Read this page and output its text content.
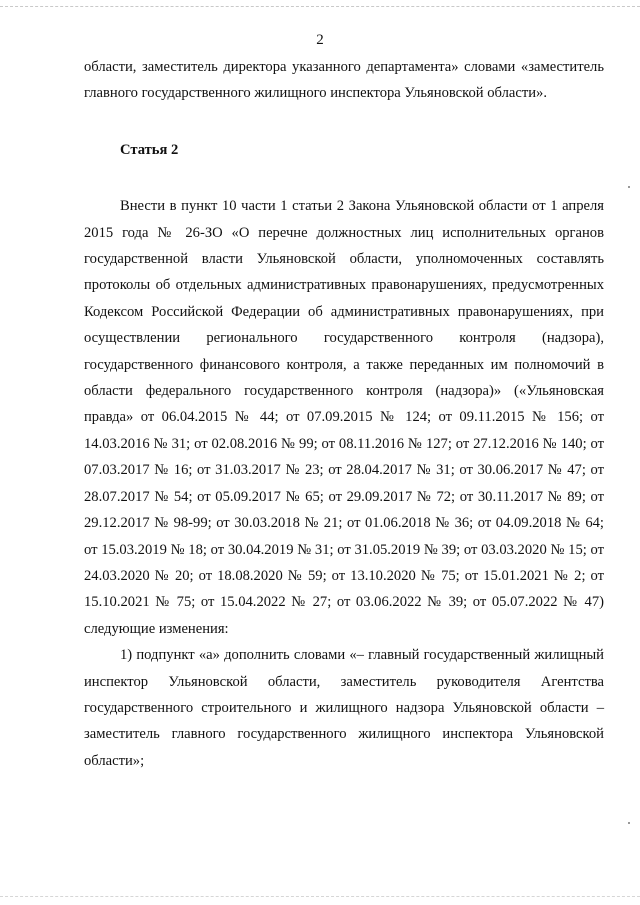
2

области, заместитель директора указанного департамента» словами «заместитель главного государственного жилищного инспектора Ульяновской области».

Статья 2

Внести в пункт 10 части 1 статьи 2 Закона Ульяновской области от 1 апреля 2015 года № 26-ЗО «О перечне должностных лиц исполнительных органов государственной власти Ульяновской области, уполномоченных составлять протоколы об отдельных административных правонарушениях, предусмотренных Кодексом Российской Федерации об административных правонарушениях, при осуществлении регионального государственного контроля (надзора), государственного финансового контроля, а также переданных им полномочий в области федерального государственного контроля (надзора)» («Ульяновская правда» от 06.04.2015 № 44; от 07.09.2015 № 124; от 09.11.2015 № 156; от 14.03.2016 № 31; от 02.08.2016 № 99; от 08.11.2016 № 127; от 27.12.2016 № 140; от 07.03.2017 № 16; от 31.03.2017 № 23; от 28.04.2017 № 31; от 30.06.2017 № 47; от 28.07.2017 № 54; от 05.09.2017 № 65; от 29.09.2017 № 72; от 30.11.2017 № 89; от 29.12.2017 № 98-99; от 30.03.2018 № 21; от 01.06.2018 № 36; от 04.09.2018 № 64; от 15.03.2019 № 18; от 30.04.2019 № 31; от 31.05.2019 № 39; от 03.03.2020 № 15; от 24.03.2020 № 20; от 18.08.2020 № 59; от 13.10.2020 № 75; от 15.01.2021 № 2; от 15.10.2021 № 75; от 15.04.2022 № 27; от 03.06.2022 № 39; от 05.07.2022 № 47) следующие изменения:

1) подпункт «а» дополнить словами «– главный государственный жилищный инспектор Ульяновской области, заместитель руководителя Агентства государственного строительного и жилищного надзора Ульяновской области – заместитель главного государственного жилищного инспектора Ульяновской области»;
